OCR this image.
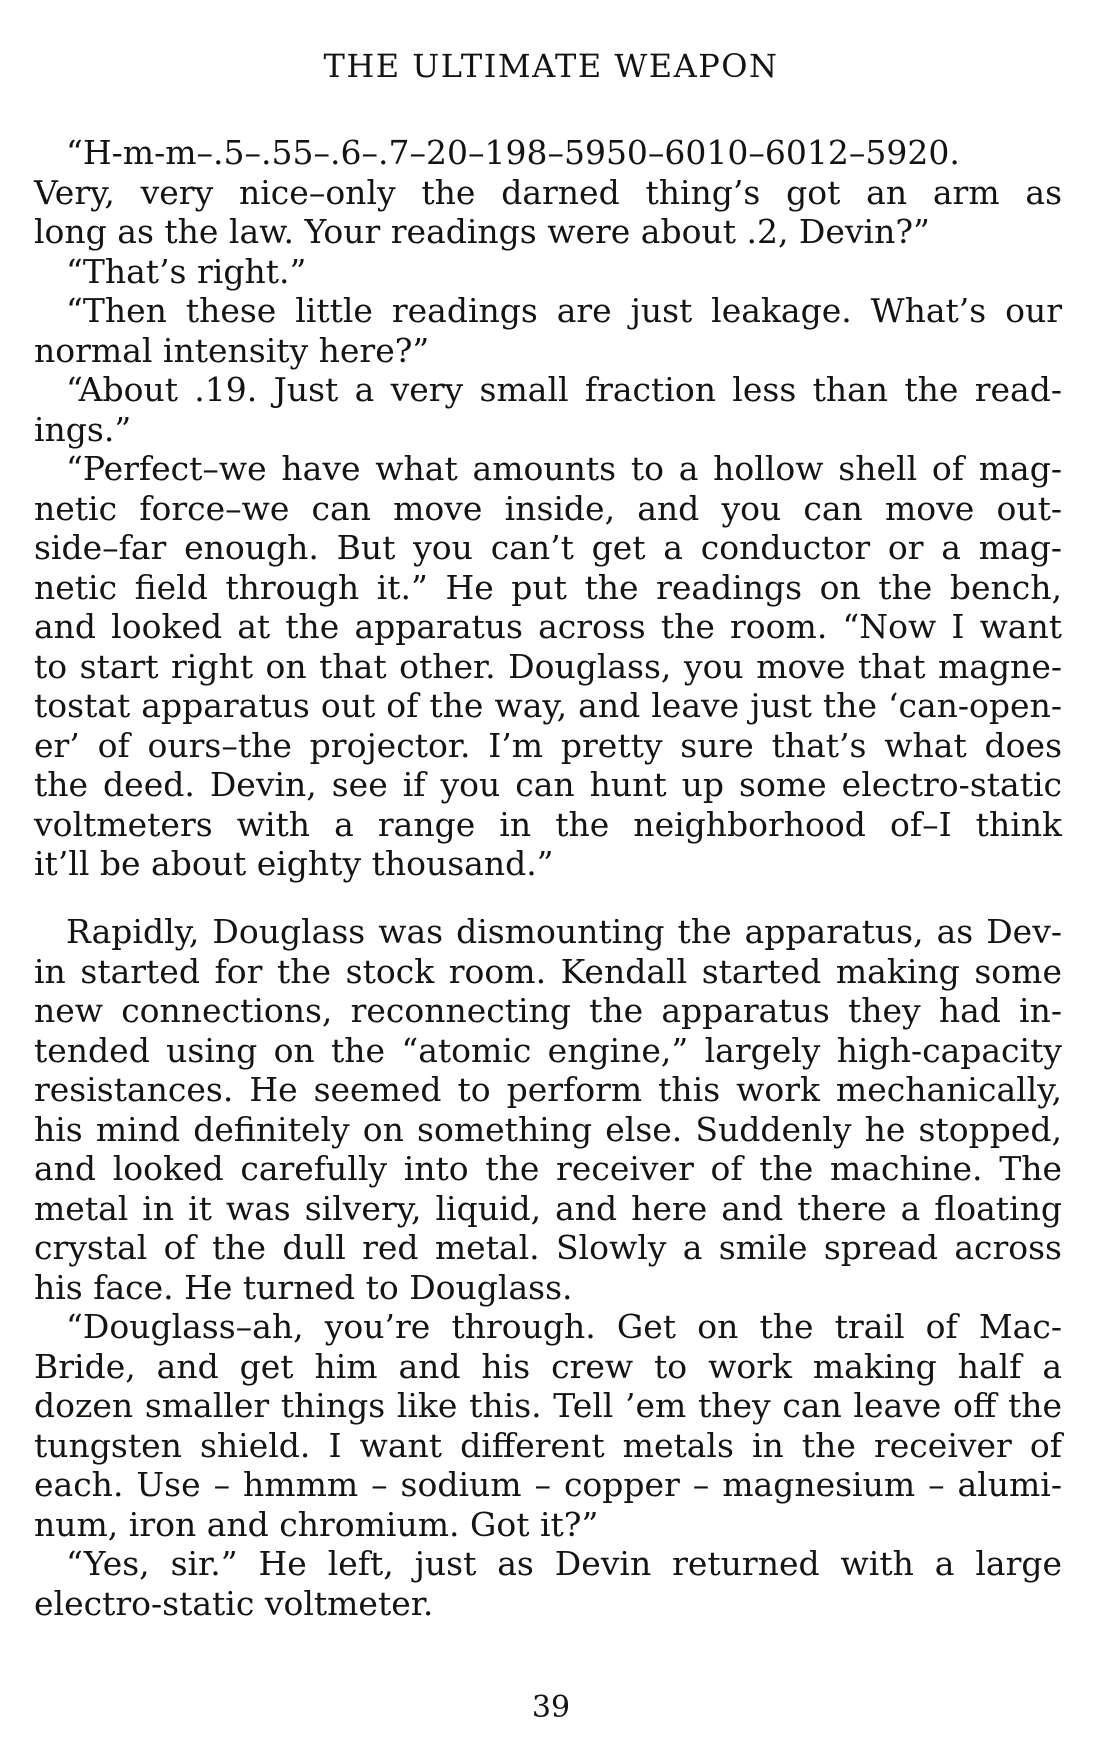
THE ULTIMATE WEAPON
“H-m-m–.5–.55–.6–.7–20–198–5950–6010–6012–5920.
Very, very nice–only the darned thing’s got an arm as
long as the law. Your readings were about .2, Devin?”
“That’s right.”
“Then these little readings are just leakage. What’s our
normal intensity here?”
“About .19. Just a very small fraction less than the read-
ings.”
“Perfect–we have what amounts to a hollow shell of mag-
netic force–we can move inside, and you can move out-
side–far enough. But you can’t get a conductor or a mag-
netic field through it.” He put the readings on the bench,
and looked at the apparatus across the room. “Now I want
to start right on that other. Douglass, you move that magne-
tostat apparatus out of the way, and leave just the ‘can-open-
er’ of ours–the projector. I’m pretty sure that’s what does
the deed. Devin, see if you can hunt up some electro-static
voltmeters with a range in the neighborhood of–I think
it’ll be about eighty thousand.”
Rapidly, Douglass was dismounting the apparatus, as Dev-
in started for the stock room. Kendall started making some
new connections, reconnecting the apparatus they had in-
tended using on the “atomic engine,” largely high-capacity
resistances. He seemed to perform this work mechanically,
his mind definitely on something else. Suddenly he stopped,
and looked carefully into the receiver of the machine. The
metal in it was silvery, liquid, and here and there a floating
crystal of the dull red metal. Slowly a smile spread across
his face. He turned to Douglass.
“Douglass–ah, you’re through. Get on the trail of Mac-
Bride, and get him and his crew to work making half a
dozen smaller things like this. Tell ’em they can leave off the
tungsten shield. I want different metals in the receiver of
each. Use – hmmm – sodium – copper – magnesium – alumi-
num, iron and chromium. Got it?”
“Yes, sir.” He left, just as Devin returned with a large
electro-static voltmeter.
39
